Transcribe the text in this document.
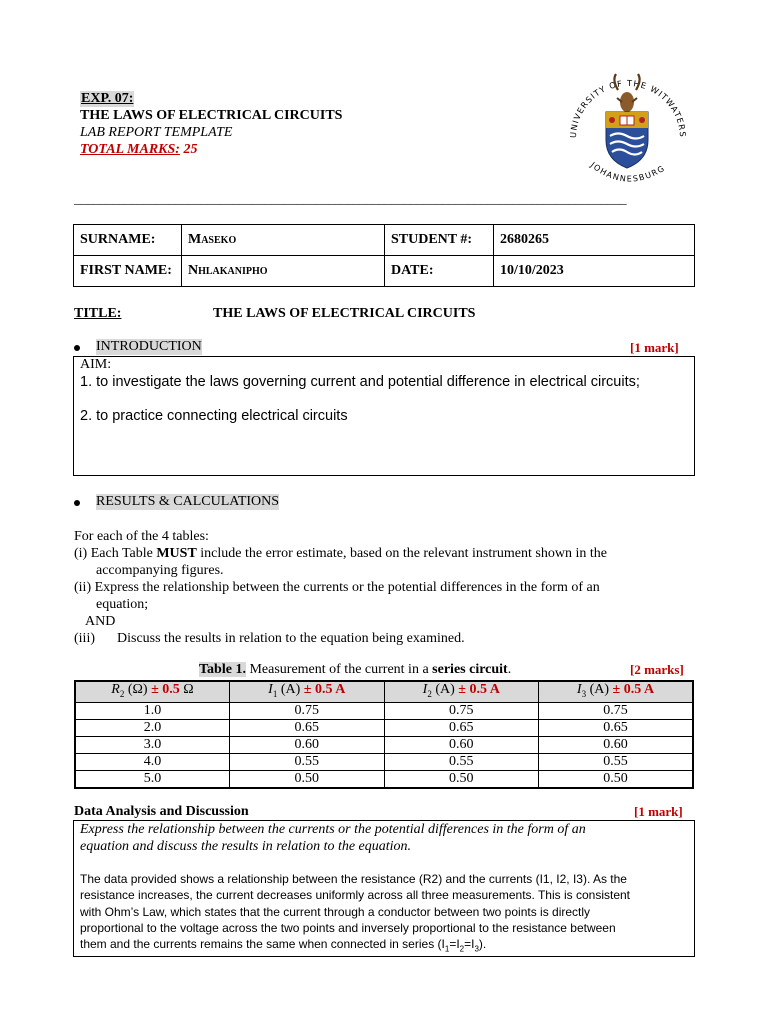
EXP. 07:
THE LAWS OF ELECTRICAL CIRCUITS
LAB REPORT TEMPLATE
TOTAL MARKS: 25
UNIVERSITY OF THE WITWATERS
JOHANNESBURG
_______________________________________________________________________________________
SURNAME:	Maseko	STUDENT #:	2680265
FIRST NAME:	Nhlakanipho	DATE:	10/10/2023
TITLE:	THE LAWS OF ELECTRICAL CIRCUITS
INTRODUCTION	[1 mark]
AIM:
1. to investigate the laws governing current and potential difference in electrical circuits;
2. to practice connecting electrical circuits
RESULTS & CALCULATIONS
For each of the 4 tables:
(i) Each Table MUST include the error estimate, based on the relevant instrument shown in the
accompanying figures.
(ii) Express the relationship between the currents or the potential differences in the form of an
equation;
AND
(iii) Discuss the results in relation to the equation being examined.
Table 1. Measurement of the current in a series circuit.	[2 marks]
$R_2$ (Ω) ± 0.5 Ω	$I_1$ (A) ± 0.5 A	$I_2$ (A) ± 0.5 A	$I_3$ (A) ± 0.5 A
1.0	0.75	0.75	0.75
2.0	0.65	0.65	0.65
3.0	0.60	0.60	0.60
4.0	0.55	0.55	0.55
5.0	0.50	0.50	0.50
Data Analysis and Discussion	[1 mark]
Express the relationship between the currents or the potential differences in the form of an
equation and discuss the results in relation to the equation.
The data provided shows a relationship between the resistance (R2) and the currents (I1, I2, I3). As the
resistance increases, the current decreases uniformly across all three measurements. This is consistent
with Ohm’s Law, which states that the current through a conductor between two points is directly
proportional to the voltage across the two points and inversely proportional to the resistance between
them and the currents remains the same when connected in series $(I_1=I_2=I_3)$.
